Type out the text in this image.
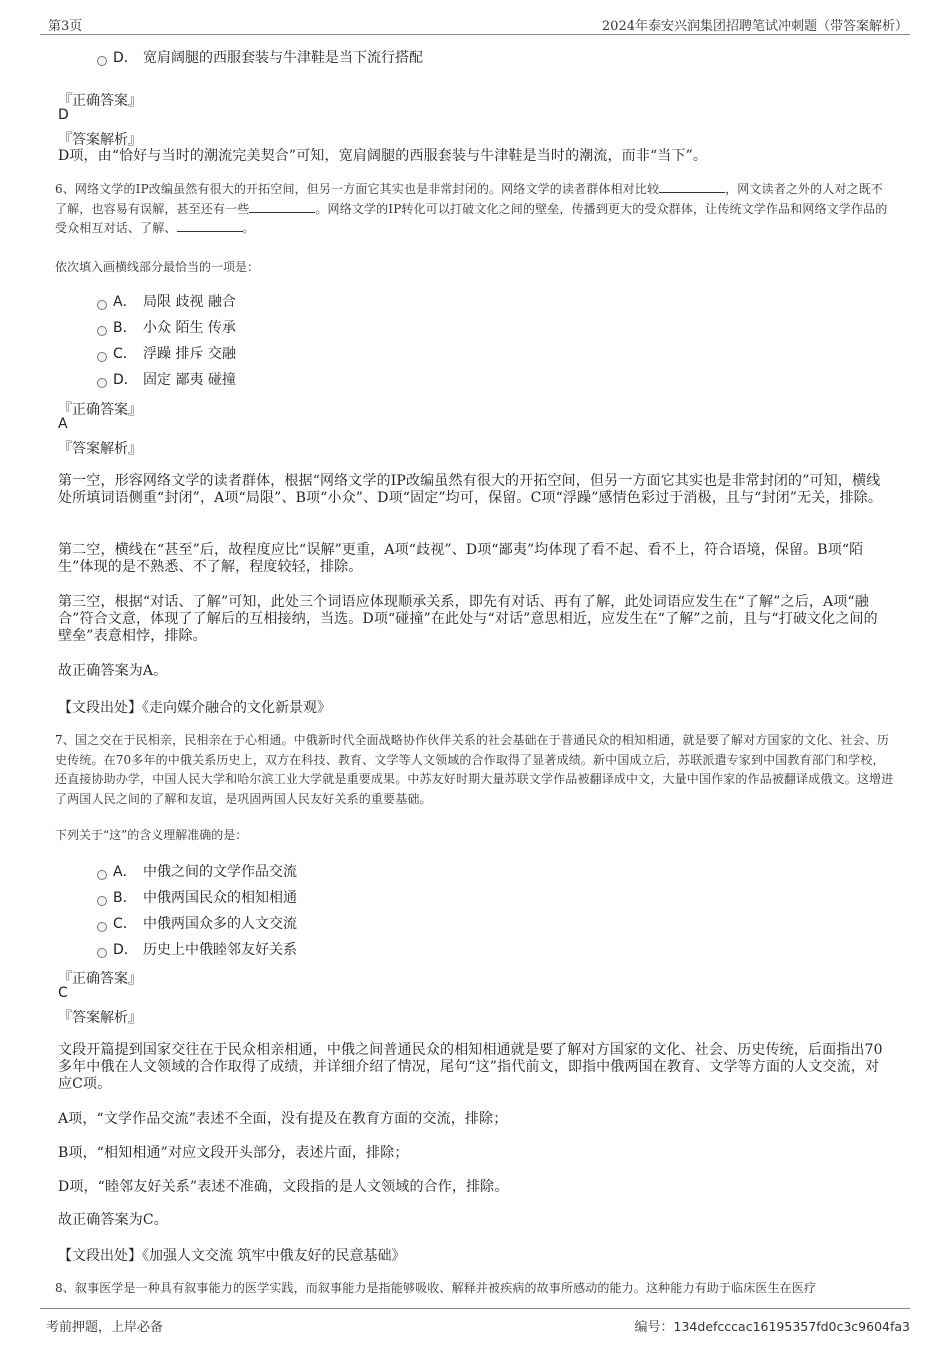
第3页	2024年泰安兴润集团招聘笔试冲刺题（带答案解析）
D． 宽肩阔腿的西服套装与牛津鞋是当下流行搭配
『正确答案』
D
『答案解析』
D项，由“恰好与当时的潮流完美契合”可知，宽肩阔腿的西服套装与牛津鞋是当时的潮流，而非“当下”。
6、网络文学的IP改编虽然有很大的开拓空间，但另一方面它其实也是非常封闭的。网络文学的读者群体相对比较	，网文读者之外的人对之既不了解，也容易有误解，甚至还有一些	。网络文学的IP转化可以打破文化之间的壁垒，传播到更大的受众群体，让传统文学作品和网络文学作品的受众相互对话、了解、	。
依次填入画横线部分最恰当的一项是：
A． 局限 歧视 融合
B． 小众 陌生 传承
C． 浮躁 排斥 交融
D． 固定 鄙夷 碰撞
『正确答案』
A
『答案解析』
第一空，形容网络文学的读者群体，根据“网络文学的IP改编虽然有很大的开拓空间，但另一方面它其实也是非常封闭的”可知，横线处所填词语侧重“封闭”，A项“局限”、B项“小众”、D项“固定”均可，保留。C项“浮躁”感情色彩过于消极，且与“封闭”无关，排除。
第二空，横线在“甚至”后，故程度应比“误解”更重，A项“歧视”、D项“鄙夷”均体现了看不起、看不上，符合语境，保留。B项“陌生”体现的是不熟悉、不了解，程度较轻，排除。
第三空，根据“对话、了解”可知，此处三个词语应体现顺承关系，即先有对话、再有了解，此处词语应发生在“了解”之后，A项“融合”符合文意，体现了了解后的互相接纳，当选。D项“碰撞”在此处与“对话”意思相近，应发生在“了解”之前，且与“打破文化之间的壁垒”表意相悖，排除。
故正确答案为A。
【文段出处】《走向媒介融合的文化新景观》
7、国之交在于民相亲，民相亲在于心相通。中俄新时代全面战略协作伙伴关系的社会基础在于普通民众的相知相通，就是要了解对方国家的文化、社会、历史传统。在70多年的中俄关系历史上，双方在科技、教育、文学等人文领域的合作取得了显著成绩。新中国成立后，苏联派遣专家到中国教育部门和学校，还直接协助办学，中国人民大学和哈尔滨工业大学就是重要成果。中苏友好时期大量苏联文学作品被翻译成中文，大量中国作家的作品被翻译成俄文。这增进了两国人民之间的了解和友谊，是巩固两国人民友好关系的重要基础。
下列关于“这”的含义理解准确的是：
A． 中俄之间的文学作品交流
B． 中俄两国民众的相知相通
C． 中俄两国众多的人文交流
D． 历史上中俄睦邻友好关系
『正确答案』
C
『答案解析』
文段开篇提到国家交往在于民众相亲相通，中俄之间普通民众的相知相通就是要了解对方国家的文化、社会、历史传统，后面指出70多年中俄在人文领域的合作取得了成绩，并详细介绍了情况，尾句“这”指代前文，即指中俄两国在教育、文学等方面的人文交流，对应C项。
A项，“文学作品交流”表述不全面，没有提及在教育方面的交流，排除；
B项，“相知相通”对应文段开头部分，表述片面，排除；
D项，“睦邻友好关系”表述不准确，文段指的是人文领域的合作，排除。
故正确答案为C。
【文段出处】《加强人文交流 筑牢中俄友好的民意基础》
8、叙事医学是一种具有叙事能力的医学实践，而叙事能力是指能够吸收、解释并被疾病的故事所感动的能力。这种能力有助于临床医生在医疗
考前押题，上岸必备	编号：134defcccac16195357fd0c3c9604fa3
